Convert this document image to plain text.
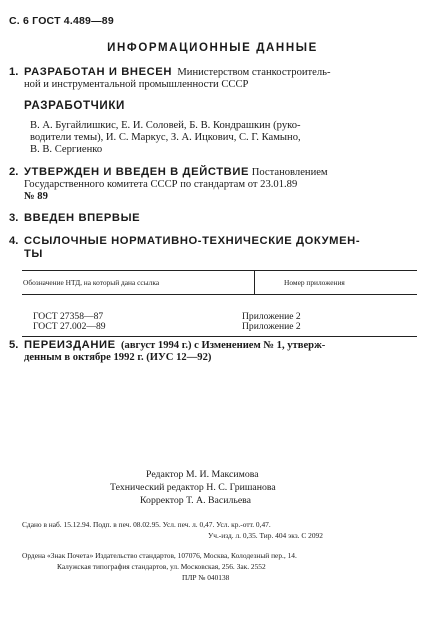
С. 6 ГОСТ 4.489—89
ИНФОРМАЦИОННЫЕ ДАННЫЕ
1. РАЗРАБОТАН И ВНЕСЕН Министерством станкостроитель-
ной и инструментальной промышленности СССР
РАЗРАБОТЧИКИ
В. А. Бугайлишкис, Е. И. Соловей, Б. В. Кондрашкин (руко-
водители темы), И. С. Маркус, З. А. Ицкович, С. Г. Камыно,
В. В. Сергиенко
2. УТВЕРЖДЕН И ВВЕДЕН В ДЕЙСТВИЕ Постановлением
Государственного комитета СССР по стандартам от 23.01.89
№ 89
3. ВВЕДЕН ВПЕРВЫЕ
4. ССЫЛОЧНЫЕ НОРМАТИВНО-ТЕХНИЧЕСКИЕ ДОКУМЕН-
ТЫ
Обозначение НТД, на который дана ссылка	Номер приложения
ГОСТ 27358—87	Приложение 2
ГОСТ 27.002—89	Приложение 2
5. ПЕРЕИЗДАНИЕ (август 1994 г.) с Изменением № 1, утверж-
денным в октябре 1992 г. (ИУС 12—92)
Редактор М. И. Максимова
Технический редактор Н. С. Гришанова
Корректор Т. А. Васильева
Сдано в наб. 15.12.94. Подп. в печ. 08.02.95. Усл. печ. л. 0,47. Усл. кр.-отт. 0,47.
Уч.-изд. л. 0,35. Тир. 404 экз. С 2092
Ордена «Знак Почета» Издательство стандартов, 107076, Москва, Колодезный пер., 14.
Калужская типография стандартов, ул. Московская, 256. Зак. 2552
ПЛР № 040138
